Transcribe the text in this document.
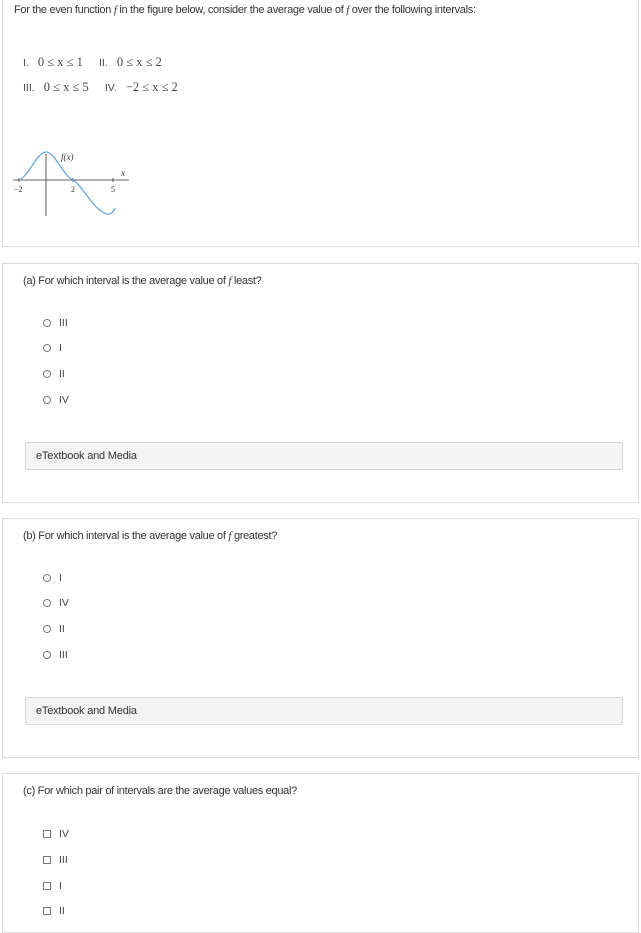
For the even function f in the figure below, consider the average value of f over the following intervals:
I. 0 ≤ x ≤ 1 II. 0 ≤ x ≤ 2
III. 0 ≤ x ≤ 5 IV. −2 ≤ x ≤ 2
f(x)
x
−2	2	5
(a) For which interval is the average value of f least?
III
I
II
IV
eTextbook and Media
(b) For which interval is the average value of f greatest?
I
IV
II
III
eTextbook and Media
(c) For which pair of intervals are the average values equal?
IV
III
I
II
